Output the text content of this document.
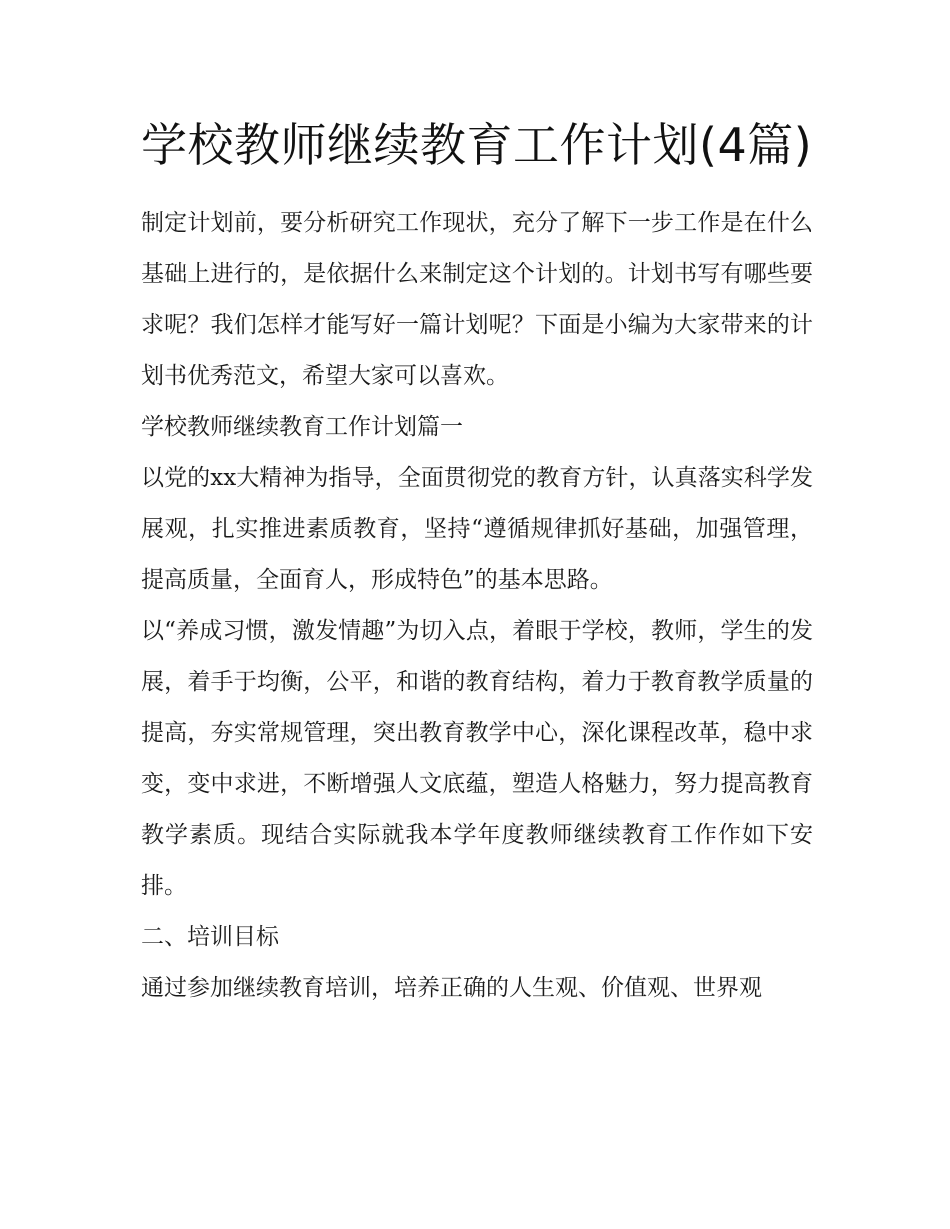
学校教师继续教育工作计划(4篇)

制定计划前，要分析研究工作现状，充分了解下一步工作是在什么基础上进行的，是依据什么来制定这个计划的。计划书写有哪些要求呢？我们怎样才能写好一篇计划呢？下面是小编为大家带来的计划书优秀范文，希望大家可以喜欢。

学校教师继续教育工作计划篇一

以党的xx大精神为指导，全面贯彻党的教育方针，认真落实科学发展观，扎实推进素质教育，坚持“遵循规律抓好基础，加强管理，提高质量，全面育人，形成特色”的基本思路。

以“养成习惯，激发情趣”为切入点，着眼于学校，教师，学生的发展，着手于均衡，公平，和谐的教育结构，着力于教育教学质量的提高，夯实常规管理，突出教育教学中心，深化课程改革，稳中求变，变中求进，不断增强人文底蕴，塑造人格魅力，努力提高教育教学素质。现结合实际就我本学年度教师继续教育工作作如下安排。

二、培训目标

通过参加继续教育培训，培养正确的人生观、价值观、世界观
